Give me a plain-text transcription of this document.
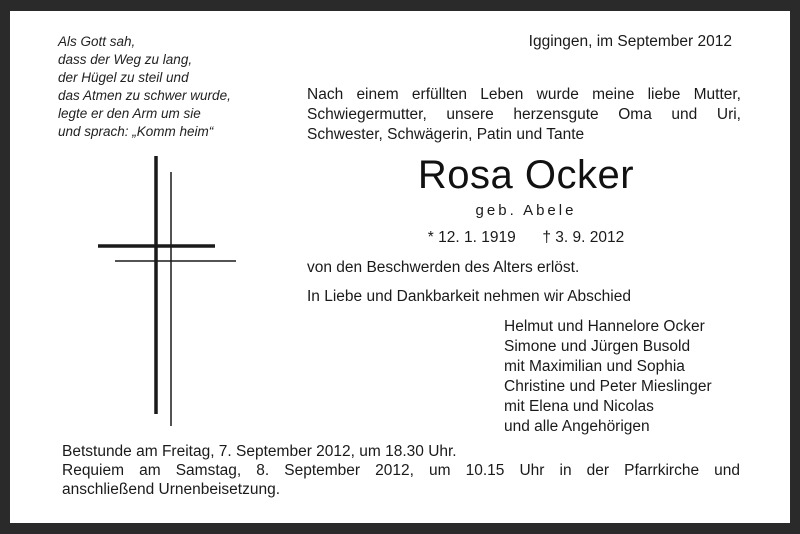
Als Gott sah,
dass der Weg zu lang,
der Hügel zu steil und
das Atmen zu schwer wurde,
legte er den Arm um sie
und sprach: „Komm heim“
Iggingen, im September 2012
Nach einem erfüllten Leben wurde meine liebe Mutter,
Schwiegermutter, unsere herzensgute Oma und Uri,
Schwester, Schwägerin, Patin und Tante
Rosa Ocker
geb. Abele
* 12. 1. 1919 † 3. 9. 2012
von den Beschwerden des Alters erlöst.
In Liebe und Dankbarkeit nehmen wir Abschied
Helmut und Hannelore Ocker
Simone und Jürgen Busold
mit Maximilian und Sophia
Christine und Peter Mieslinger
mit Elena und Nicolas
und alle Angehörigen
Betstunde am Freitag, 7. September 2012, um 18.30 Uhr.
Requiem am Samstag, 8. September 2012, um 10.15 Uhr in der Pfarrkirche und
anschließend Urnenbeisetzung.
